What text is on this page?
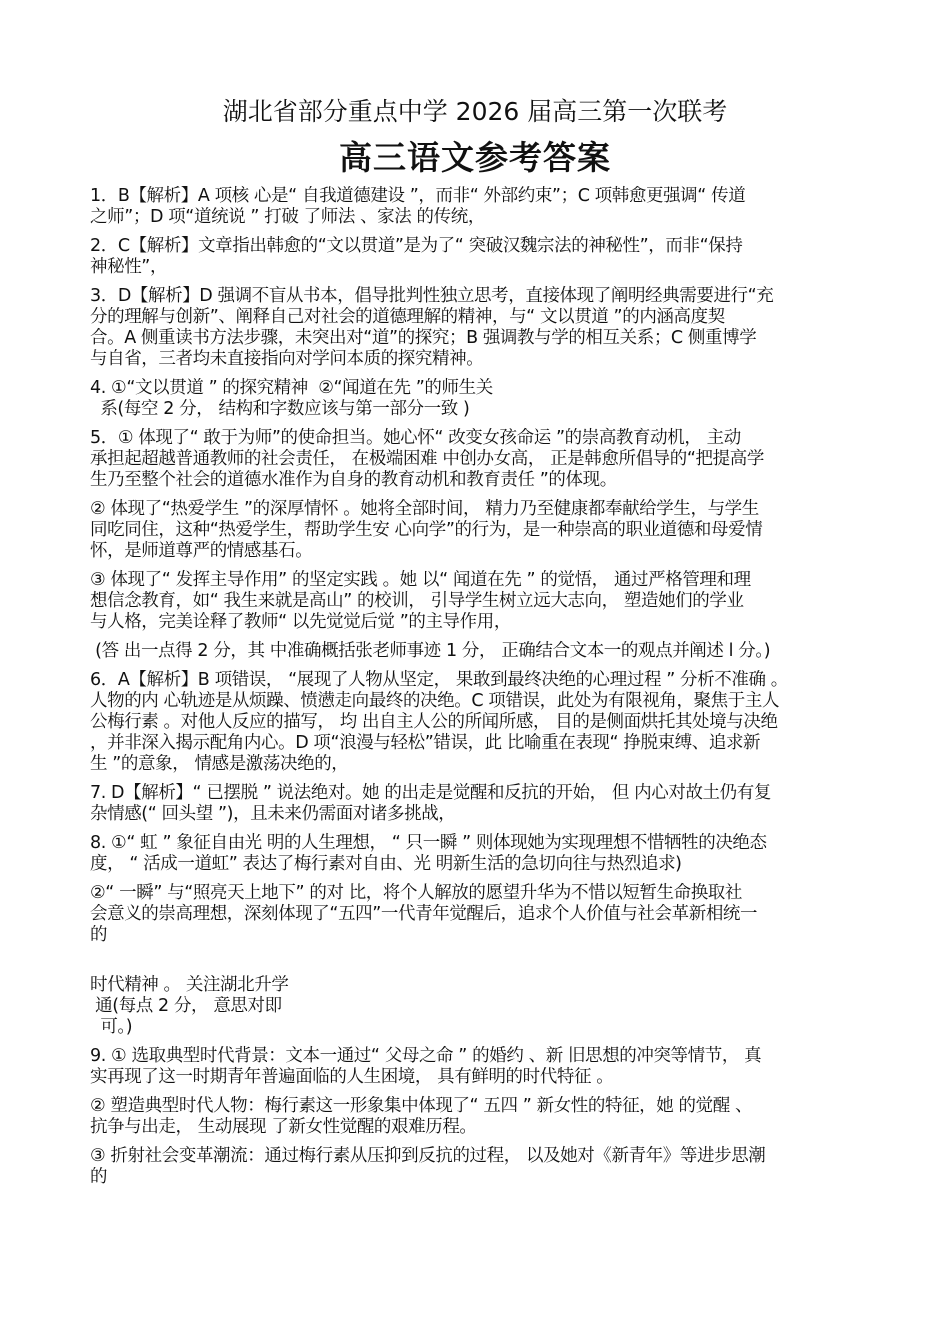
湖北省部分重点中学 2026 届高三第一次联考
高三语文参考答案
1．B【解析】A 项核 心是“ 自我道德建设 ”，而非“ 外部约束”；C 项韩愈更强调“ 传道
之师”；D 项“道统说 ” 打破 了师法 、家法 的传统，
2．C【解析】文章指出韩愈的“文以贯道”是为了“ 突破汉魏宗法的神秘性”，而非“保持
神秘性”，
3．D【解析】D 强调不盲从书本，倡导批判性独立思考，直接体现了阐明经典需要进行“充
分的理解与创新”、阐释自己对社会的道德理解的精神，与“ 文以贯道 ”的内涵高度契
合。A 侧重读书方法步骤，未突出对“道”的探究；B 强调教与学的相互关系；C 侧重博学
与自省，三者均未直接指向对学问本质的探究精神。
4. ①“文以贯道 ” 的探究精神  ②“闻道在先 ”的师生关
系(每空 2 分， 结构和字数应该与第一部分一致 )
5．① 体现了“ 敢于为师”的使命担当。她心怀“ 改变女孩命运 ”的崇高教育动机， 主动
承担起超越普通教师的社会责任， 在极端困难 中创办女高， 正是韩愈所倡导的“把提高学
生乃至整个社会的道德水准作为自身的教育动机和教育责任 ”的体现。
② 体现了“热爱学生 ”的深厚情怀 。她将全部时间， 精力乃至健康都奉献给学生，与学生
同吃同住，这种“热爱学生，帮助学生安 心向学”的行为，是一种崇高的职业道德和母爱情
怀，是师道尊严的情感基石。
③ 体现了“ 发挥主导作用” 的坚定实践 。她 以“ 闻道在先 ” 的觉悟， 通过严格管理和理
想信念教育，如“ 我生来就是高山” 的校训， 引导学生树立远大志向， 塑造她们的学业
与人格，完美诠释了教师“ 以先觉觉后觉 ”的主导作用，
(答 出一点得 2 分，其 中准确概括张老师事迹 1 分， 正确结合文本一的观点并阐述 l 分。)
6．A【解析】B 项错误， “展现了人物从坚定， 果敢到最终决绝的心理过程 ” 分析不准确 。
人物的内 心轨迹是从烦躁、愤懑走向最终的决绝。C 项错误，此处为有限视角，聚焦于主人
公梅行素 。对他人反应的描写， 均 出自主人公的所闻所感， 目的是侧面烘托其处境与决绝
，并非深入揭示配角内心。D 项“浪漫与轻松”错误，此 比喻重在表现“ 挣脱束缚、追求新
生 ”的意象， 情感是激荡决绝的，
7. D【解析】“ 已摆脱 ” 说法绝对。她 的出走是觉醒和反抗的开始， 但 内心对故土仍有复
杂情感(“ 回头望 ”)，且未来仍需面对诸多挑战，
8. ①“ 虹 ” 象征自由光 明的人生理想， “ 只一瞬 ” 则体现她为实现理想不惜牺牲的决绝态
度， “ 活成一道虹” 表达了梅行素对自由、光 明新生活的急切向往与热烈追求)
②“ 一瞬” 与“照亮天上地下” 的对 比，将个人解放的愿望升华为不惜以短暂生命换取社
会意义的崇高理想，深刻体现了“五四”一代青年觉醒后，追求个人价值与社会革新相统一
的
时代精神 。 关注湖北升学
通(每点 2 分， 意思对即
可。)
9. ① 选取典型时代背景：文本一通过“ 父母之命 ” 的婚约 、新 旧思想的冲突等情节， 真
实再现了这一时期青年普遍面临的人生困境， 具有鲜明的时代特征 。
② 塑造典型时代人物：梅行素这一形象集中体现了“ 五四 ” 新女性的特征，她 的觉醒 、
抗争与出走， 生动展现 了新女性觉醒的艰难历程。
③ 折射社会变革潮流：通过梅行素从压抑到反抗的过程， 以及她对《新青年》等进步思潮
的
